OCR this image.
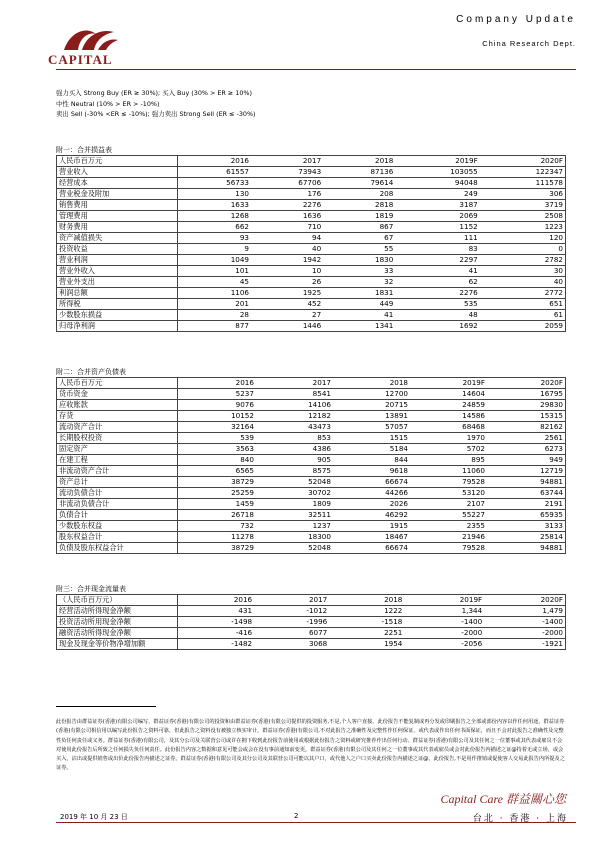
Company Update
China Research Dept.
CAPITAL
强力买入 Strong Buy (ER ≥ 30%); 买入 Buy (30% > ER ≥ 10%)
中性 Neutral (10% > ER > -10%)
卖出 Sell (-30% <ER ≤ -10%); 强力卖出 Strong Sell (ER ≤ -30%)
附一：合并损益表
人民币百万元	2016	2017	2018	2019F	2020F
营业收入	61557	73943	87136	103055	122347
经营成本	56733	67706	79614	94048	111578
营业税金及附加	130	176	208	249	306
销售费用	1633	2276	2818	3187	3719
管理费用	1268	1636	1819	2069	2508
财务费用	662	710	867	1152	1223
资产减值损失	93	94	67	111	120
投资收益	9	40	55	83	0
营业利润	1049	1942	1830	2297	2782
营业外收入	101	10	33	41	30
营业外支出	45	26	32	62	40
利润总额	1106	1925	1831	2276	2772
所得税	201	452	449	535	651
少数股东损益	28	27	41	48	61
归母净利润	877	1446	1341	1692	2059
附二：合并资产负债表
人民币百万元	2016	2017	2018	2019F	2020F
货币资金	5237	8541	12700	14604	16795
应收账款	9076	14106	20715	24859	29830
存货	10152	12182	13891	14586	15315
流动资产合计	32164	43473	57057	68468	82162
长期股权投资	539	853	1515	1970	2561
固定资产	3563	4386	5184	5702	6273
在建工程	840	905	844	895	949
非流动资产合计	6565	8575	9618	11060	12719
资产总计	38729	52048	66674	79528	94881
流动负债合计	25259	30702	44266	53120	63744
非流动负债合计	1459	1809	2026	2107	2191
负债合计	26718	32511	46292	55227	65935
少数股东权益	732	1237	1915	2355	3133
股东权益合计	11278	18300	18467	21946	25814
负债及股东权益合计	38729	52048	66674	79528	94881
附三：合并现金流量表
（人民币百万元）	2016	2017	2018	2019F	2020F
经营活动所得现金净额	431	-1012	1222	1,344	1,479
投资活动所用现金净额	-1498	-1996	-1518	-1400	-1400
融资活动所得现金净额	-416	6077	2251	-2000	-2000
现金及现金等价物净增加额	-1482	3068	1954	-2056	-1921
此份报告由群益证券(香港)有限公司编写，群益证券(香港)有限公司的投资和由群益证券(香港)有限公司提供的投资服务,不是,个人客户直接。此份报告不能复制或再分发或印刷报告之全部或部份内容以作任何用途。群益证券(香港)有限公司相信用以编写此份报告之资料可靠，但此报告之资料没有被独立核实审计，群益证券(香港)有限公司,不对此报告之准确性及完整性作任何保证，或代表或作出任何书面保证，而且不会对此报告之准确性及完整性负任何责任或义务。群益证券(香港)有限公司，及其分公司及关联营公司或许在拥下收到此份报告前使用或根据此份报告之资料或研究推荐作出任何行动。群益证券(香港)有限公司及其任何之一位董事或其代表或雇员不会对使用此份报告后所致之任何损失负任何责任。此份报告内容之数据和意见可能会或会在没有事前通知前变更。群益证券(香港)有限公司及其任何之一位董事或其代表或雇员或会对此份报告内描述之证@持着无或立场，或会买入，沽出或提供销售或出价此份报告内描述之证券。群益证券(香港)有限公司及其分公司及其联营公司可能以其户口，或代他人之户口买卖此份报告内描述之证@。此份报告,不是用作推销或促使客人交易此报告内所提及之证券。
Capital Care 群益關心您
2019 年 10 月 23 日	2	台北 · 香港 · 上海
